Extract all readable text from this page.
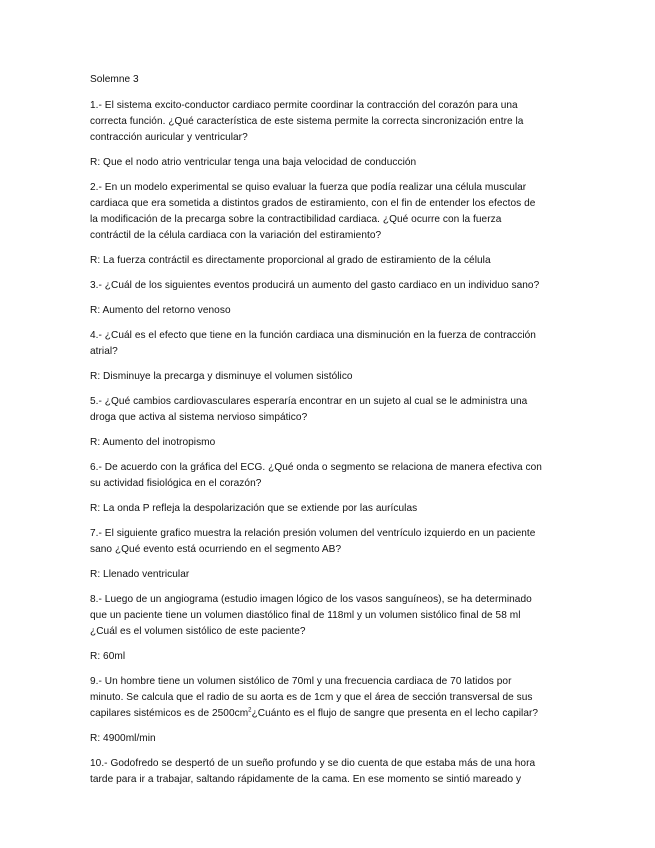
Solemne 3
1.- El sistema excito-conductor cardiaco permite coordinar la contracción del corazón para una
correcta función. ¿Qué característica de este sistema permite la correcta sincronización entre la
contracción auricular y ventricular?
R: Que el nodo atrio ventricular tenga una baja velocidad de conducción
2.- En un modelo experimental se quiso evaluar la fuerza que podía realizar una célula muscular
cardiaca que era sometida a distintos grados de estiramiento, con el fin de entender los efectos de
la modificación de la precarga sobre la contractibilidad cardiaca. ¿Qué ocurre con la fuerza
contráctil de la célula cardiaca con la variación del estiramiento?
R: La fuerza contráctil es directamente proporcional al grado de estiramiento de la célula
3.- ¿Cuál de los siguientes eventos producirá un aumento del gasto cardiaco en un individuo sano?
R: Aumento del retorno venoso
4.- ¿Cuál es el efecto que tiene en la función cardiaca una disminución en la fuerza de contracción
atrial?
R: Disminuye la precarga y disminuye el volumen sistólico
5.- ¿Qué cambios cardiovasculares esperaría encontrar en un sujeto al cual se le administra una
droga que activa al sistema nervioso simpático?
R: Aumento del inotropismo
6.- De acuerdo con la gráfica del ECG. ¿Qué onda o segmento se relaciona de manera efectiva con
su actividad fisiológica en el corazón?
R: La onda P refleja la despolarización que se extiende por las aurículas
7.- El siguiente grafico muestra la relación presión volumen del ventrículo izquierdo en un paciente
sano ¿Qué evento está ocurriendo en el segmento AB?
R: Llenado ventricular
8.- Luego de un angiograma (estudio imagen lógico de los vasos sanguíneos), se ha determinado
que un paciente tiene un volumen diastólico final de 118ml y un volumen sistólico final de 58 ml
¿Cuál es el volumen sistólico de este paciente?
R: 60ml
9.- Un hombre tiene un volumen sistólico de 70ml y una frecuencia cardiaca de 70 latidos por
minuto. Se calcula que el radio de su aorta es de 1cm y que el área de sección transversal de sus
capilares sistémicos es de $2500cm^2¿Cuánto$ es el flujo de sangre que presenta en el lecho capilar?
R: 4900ml/min
10.- Godofredo se despertó de un sueño profundo y se dio cuenta de que estaba más de una hora
tarde para ir a trabajar, saltando rápidamente de la cama. En ese momento se sintió mareado y
